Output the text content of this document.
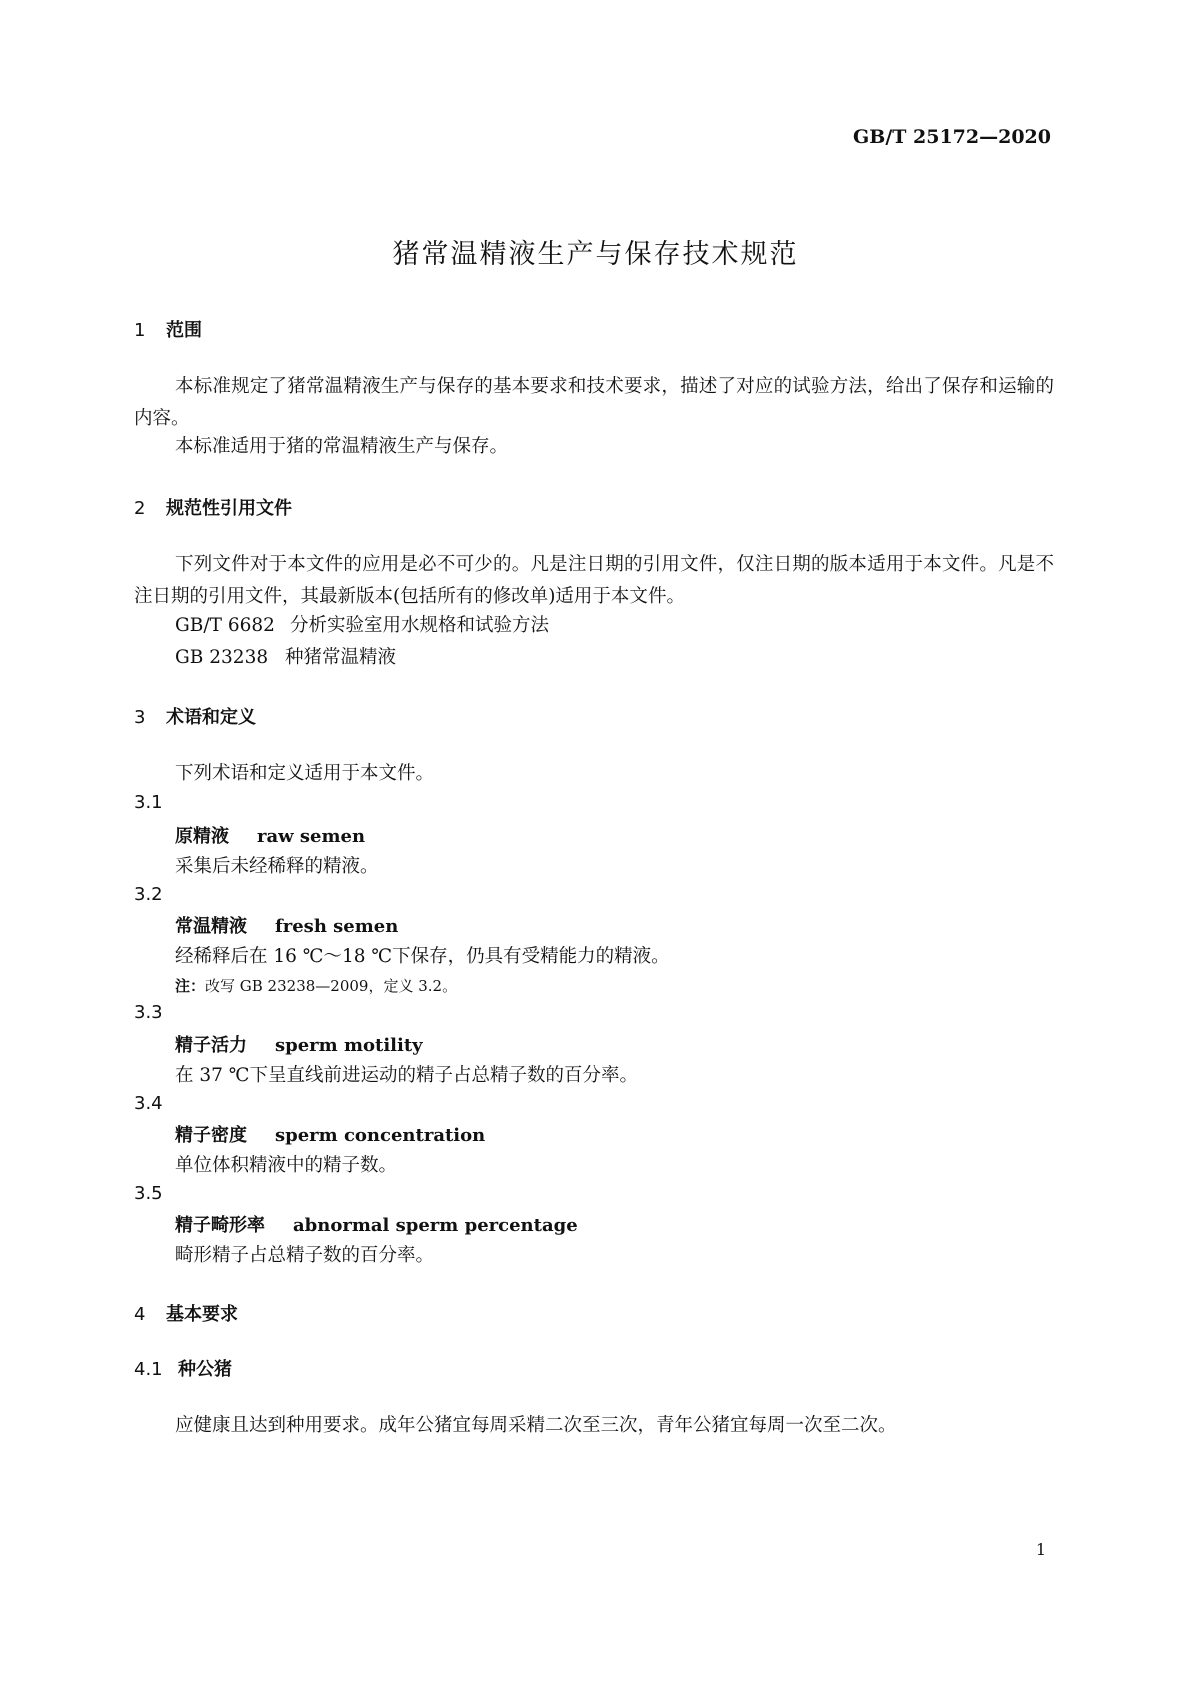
GB/T 25172—2020
猪常温精液生产与保存技术规范
1 范围
本标准规定了猪常温精液生产与保存的基本要求和技术要求，描述了对应的试验方法，给出了保存和运输的内容。
本标准适用于猪的常温精液生产与保存。
2 规范性引用文件
下列文件对于本文件的应用是必不可少的。凡是注日期的引用文件，仅注日期的版本适用于本文件。凡是不注日期的引用文件，其最新版本(包括所有的修改单)适用于本文件。
GB/T 6682 分析实验室用水规格和试验方法
GB 23238 种猪常温精液
3 术语和定义
下列术语和定义适用于本文件。
3.1
原精液 raw semen
采集后未经稀释的精液。
3.2
常温精液 fresh semen
经稀释后在 16 ℃～18 ℃下保存，仍具有受精能力的精液。
注：改写 GB 23238—2009，定义 3.2。
3.3
精子活力 sperm motility
在 37 ℃下呈直线前进运动的精子占总精子数的百分率。
3.4
精子密度 sperm concentration
单位体积精液中的精子数。
3.5
精子畸形率 abnormal sperm percentage
畸形精子占总精子数的百分率。
4 基本要求
4.1 种公猪
应健康且达到种用要求。成年公猪宜每周采精二次至三次，青年公猪宜每周一次至二次。
1
